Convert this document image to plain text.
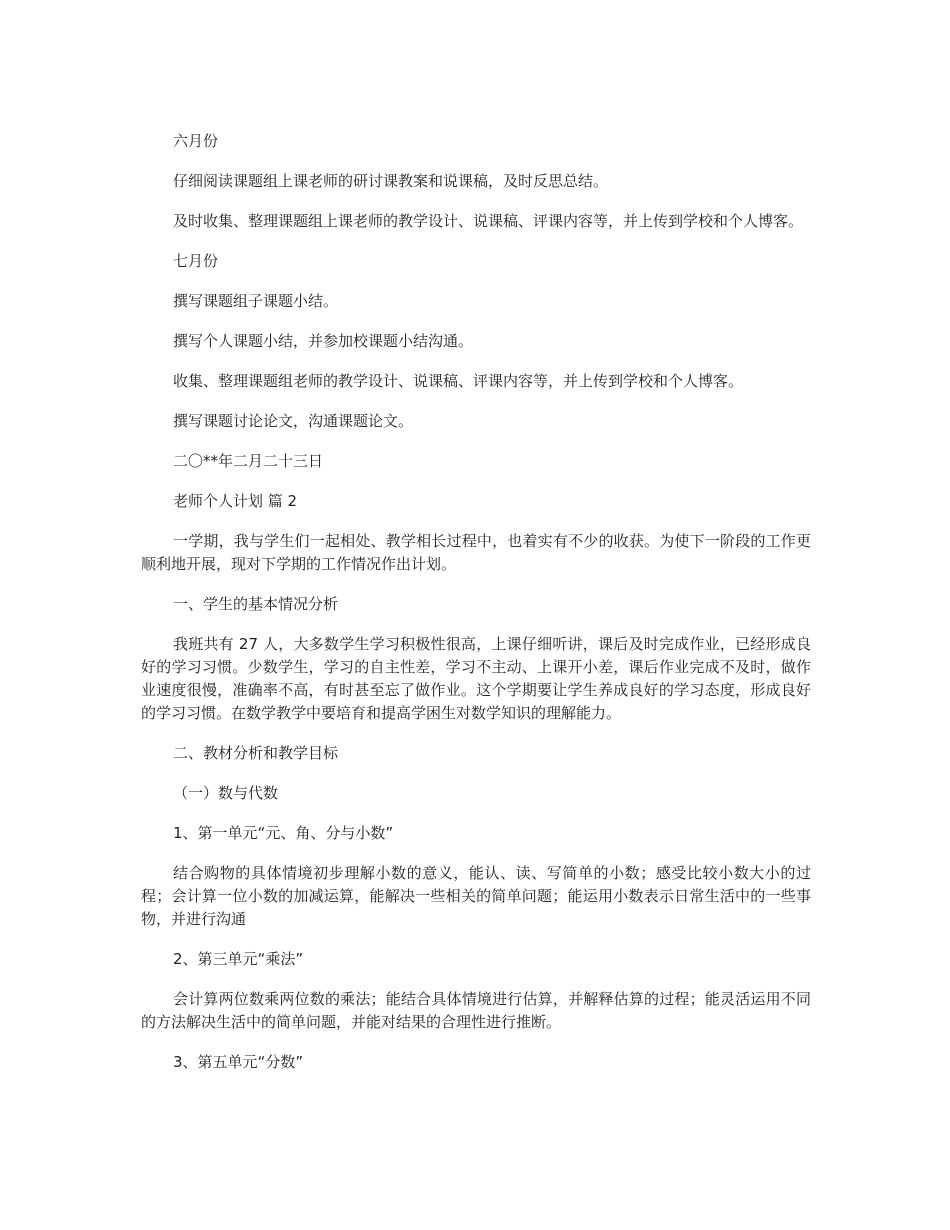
六月份

仔细阅读课题组上课老师的研讨课教案和说课稿，及时反思总结。

及时收集、整理课题组上课老师的教学设计、说课稿、评课内容等，并上传到学校和个人博客。

七月份

撰写课题组子课题小结。

撰写个人课题小结，并参加校课题小结沟通。

收集、整理课题组老师的教学设计、说课稿、评课内容等，并上传到学校和个人博客。

撰写课题讨论论文，沟通课题论文。

二〇**年二月二十三日

老师个人计划 篇 2

一学期，我与学生们一起相处、教学相长过程中，也着实有不少的收获。为使下一阶段的工作更顺利地开展，现对下学期的工作情况作出计划。

一、学生的基本情况分析

我班共有 27 人，大多数学生学习积极性很高，上课仔细听讲，课后及时完成作业，已经形成良好的学习习惯。少数学生，学习的自主性差，学习不主动、上课开小差，课后作业完成不及时，做作业速度很慢，准确率不高，有时甚至忘了做作业。这个学期要让学生养成良好的学习态度，形成良好的学习习惯。在数学教学中要培育和提高学困生对数学知识的理解能力。

二、教材分析和教学目标

（一）数与代数

1、第一单元“元、角、分与小数”

结合购物的具体情境初步理解小数的意义，能认、读、写简单的小数；感受比较小数大小的过程；会计算一位小数的加减运算，能解决一些相关的简单问题；能运用小数表示日常生活中的一些事物，并进行沟通

2、第三单元“乘法”

会计算两位数乘两位数的乘法；能结合具体情境进行估算，并解释估算的过程；能灵活运用不同的方法解决生活中的简单问题，并能对结果的合理性进行推断。

3、第五单元“分数”
